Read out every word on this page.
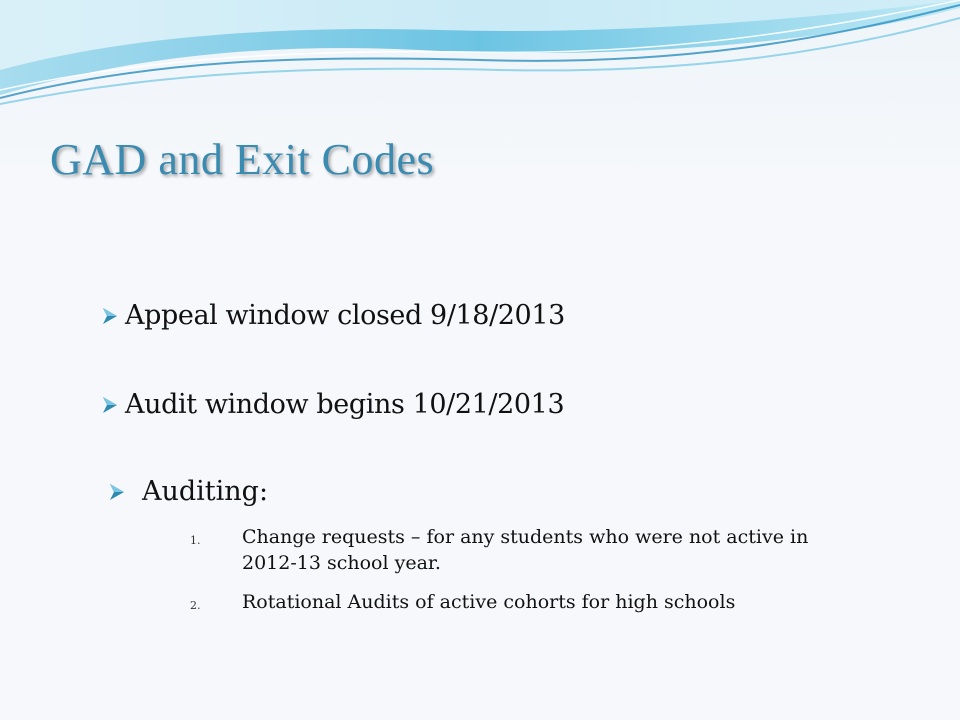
GAD and Exit Codes
Appeal window closed 9/18/2013
Audit window begins 10/21/2013
Auditing:
1. Change requests – for any students who were not active in 2012-13 school year.
2. Rotational Audits of active cohorts for high schools
